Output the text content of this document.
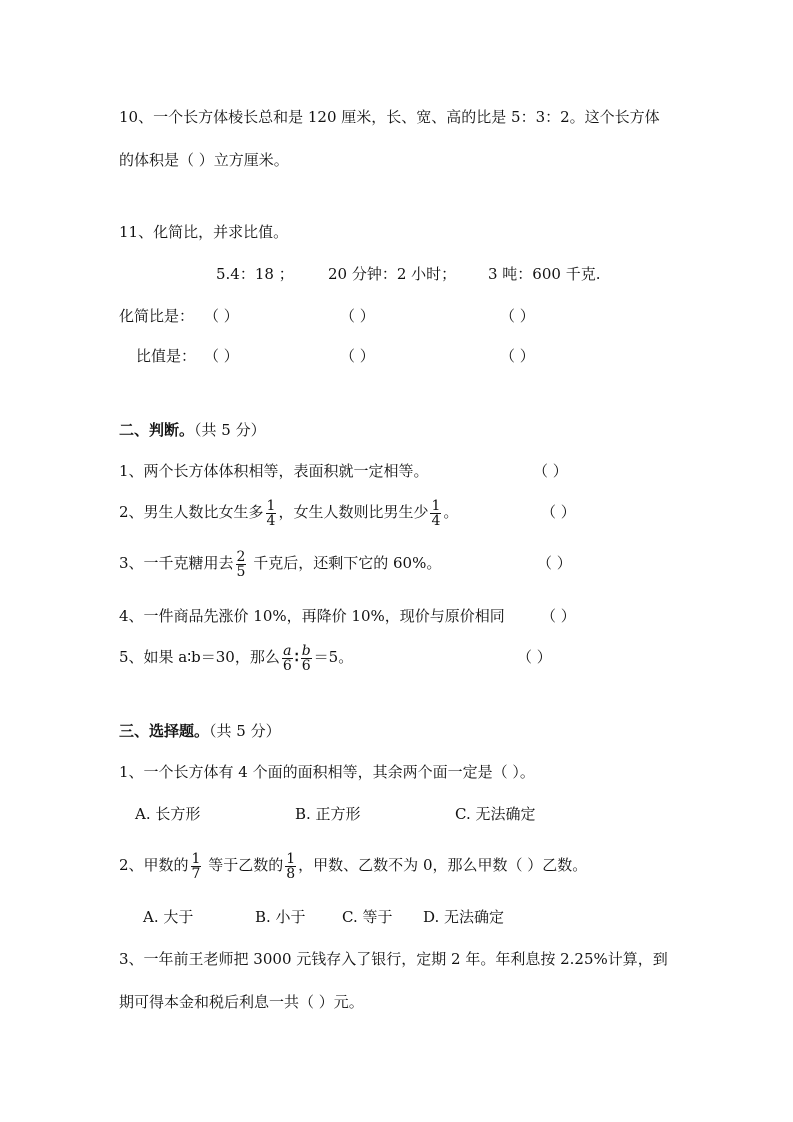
10、一个长方体棱长总和是 120 厘米，长、宽、高的比是 5：3：2。这个长方体
的体积是（ ）立方厘米。
11、化简比，并求比值。
5.4：18 ； 20 分钟：2 小时； 3 吨：600 千克.
化简比是： （ ）	（ ）	（ ）
比值是： （ ）	（ ）	（ ）
二、判断。（共 5 分）
1、两个长方体体积相等，表面积就一定相等。	（ ）
2、男生人数比女生多 $\frac{1}{4}$ ，女生人数则比男生少 $\frac{1}{4}$ 。	（ ）
3、一千克糖用去 $\frac{2}{5}$ 千克后，还剩下它的 60%。	（ ）
4、一件商品先涨价 10%，再降价 10%，现价与原价相同 （ ）
5、如果 a∶b＝30，那么 $\frac{a}{6}$ ∶ $\frac{b}{6} =5$。	（ ）
三、选择题。（共 5 分）
1、一个长方体有 4 个面的面积相等，其余两个面一定是（ ）。
A. 长方形	B. 正方形	C. 无法确定
2、甲数的 $\frac{1}{7}$ 等于乙数的 $\frac{1}{8}$ ，甲数、乙数不为 0，那么甲数（ ）乙数。
A. 大于	B. 小于 C. 等于 D. 无法确定
3、一年前王老师把 3000 元钱存入了银行，定期 2 年。年利息按 2.25%计算，到
期可得本金和税后利息一共（ ）元。
